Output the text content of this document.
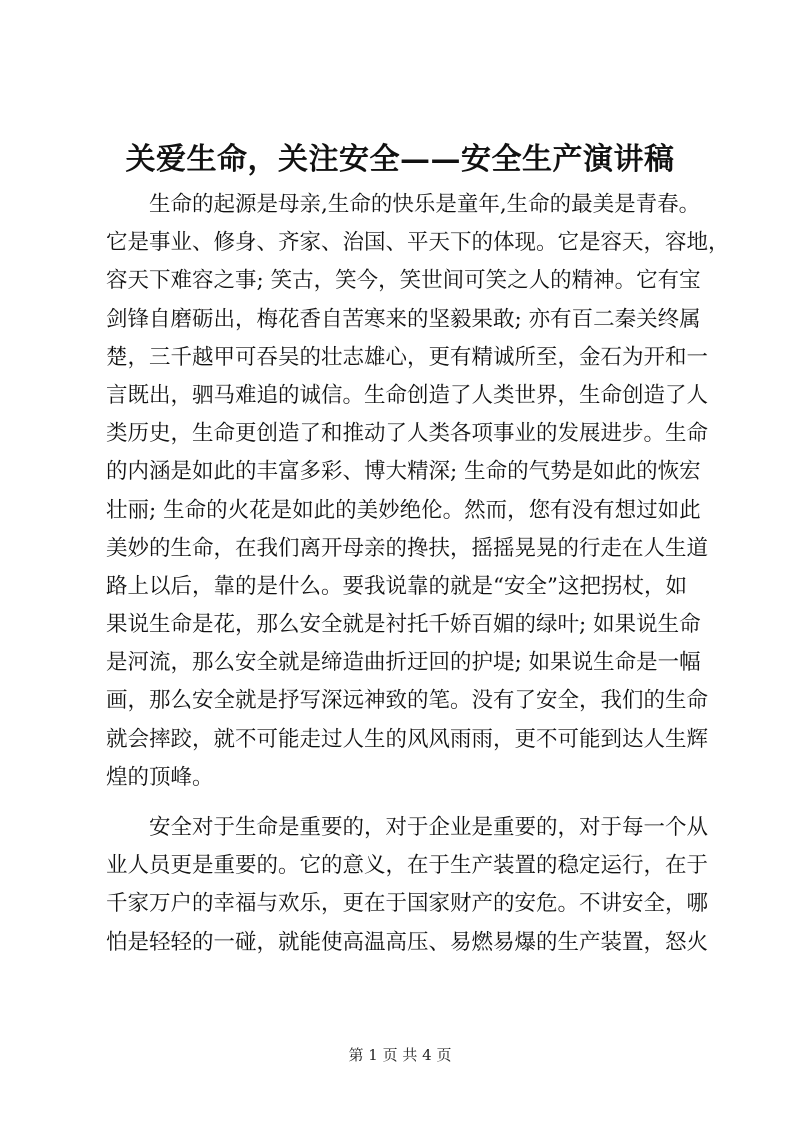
关爱生命，关注安全——安全生产演讲稿
　　生命的起源是母亲,生命的快乐是童年,生命的最美是青春。
它是事业、修身、齐家、治国、平天下的体现。它是容天，容地，
容天下难容之事; 笑古，笑今，笑世间可笑之人的精神。它有宝
剑锋自磨砺出，梅花香自苦寒来的坚毅果敢; 亦有百二秦关终属
楚，三千越甲可吞吴的壮志雄心，更有精诚所至，金石为开和一
言既出，驷马难追的诚信。生命创造了人类世界，生命创造了人
类历史，生命更创造了和推动了人类各项事业的发展进步。生命
的内涵是如此的丰富多彩、博大精深; 生命的气势是如此的恢宏
壮丽; 生命的火花是如此的美妙绝伦。然而，您有没有想过如此
美妙的生命，在我们离开母亲的搀扶，摇摇晃晃的行走在人生道
路上以后，靠的是什么。要我说靠的就是“安全”这把拐杖，如
果说生命是花，那么安全就是衬托千娇百媚的绿叶; 如果说生命
是河流，那么安全就是缔造曲折迂回的护堤; 如果说生命是一幅
画，那么安全就是抒写深远神致的笔。没有了安全，我们的生命
就会摔跤，就不可能走过人生的风风雨雨，更不可能到达人生辉
煌的顶峰。
　　安全对于生命是重要的，对于企业是重要的，对于每一个从
业人员更是重要的。它的意义，在于生产装置的稳定运行，在于
千家万户的幸福与欢乐，更在于国家财产的安危。不讲安全，哪
怕是轻轻的一碰，就能使高温高压、易燃易爆的生产装置，怒火
第 1 页 共 4 页
